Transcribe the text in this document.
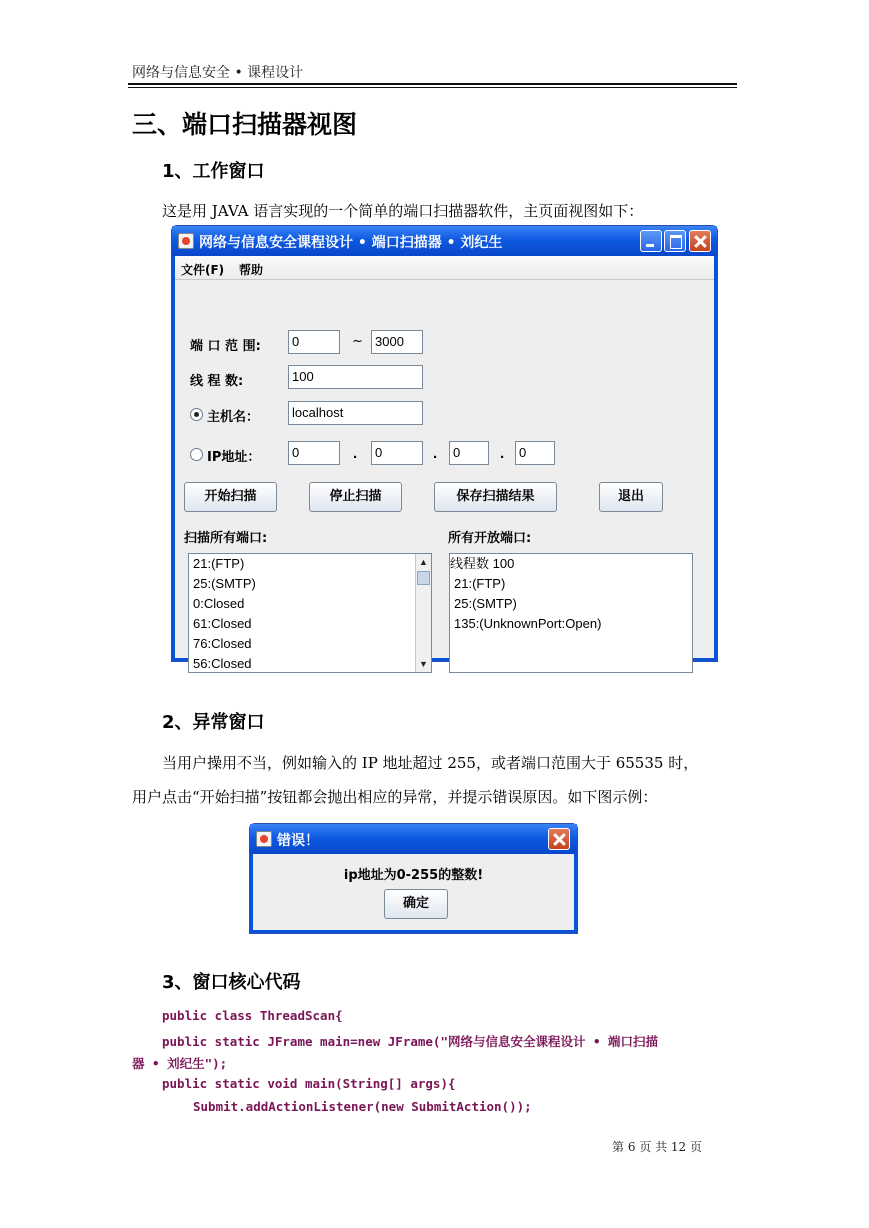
网络与信息安全 • 课程设计
三、端口扫描器视图
1、工作窗口
这是用 JAVA 语言实现的一个简单的端口扫描器软件，主页面视图如下：
网络与信息安全课程设计 • 端口扫描器 • 刘纪生
文件(F) 帮助
端 口 范 围:	0	~ 3000
线 程 数:	100
主机名：	localhost
IP地址：	0	.	0	.	0	.	0
开始扫描	停止扫描	保存扫描结果	退出
扫描所有端口:	所有开放端口:
21:(FTP)
25:(SMTP)
0:Closed
61:Closed
76:Closed
56:Closed
▲
▼
线程数 100
21:(FTP)
25:(SMTP)
135:(UnknownPort:Open)
2、异常窗口
当用户操用不当，例如输入的 IP 地址超过 255，或者端口范围大于 65535 时，
用户点击“开始扫描”按钮都会抛出相应的异常，并提示错误原因。如下图示例：
错误！
ip地址为0-255的整数!
确定
3、窗口核心代码
public class ThreadScan{
public static JFrame main=new JFrame("网络与信息安全课程设计 • 端口扫描
器 • 刘纪生");
public static void main(String[] args){
Submit.addActionListener(new SubmitAction());
第 6 页 共 12 页
